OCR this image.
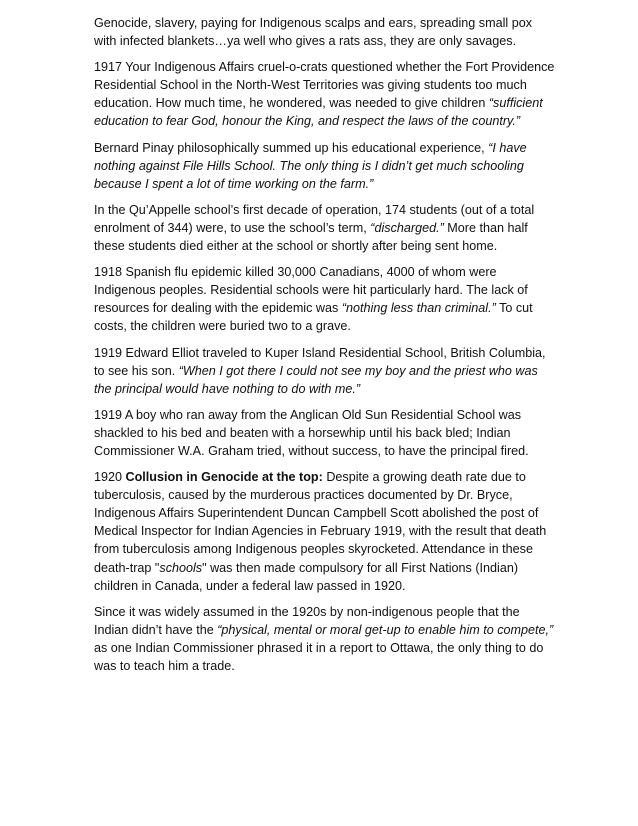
Genocide, slavery, paying for Indigenous scalps and ears, spreading small pox with infected blankets…ya well who gives a rats ass, they are only savages.

1917 Your Indigenous Affairs cruel-o-crats questioned whether the Fort Providence Residential School in the North-West Territories was giving students too much education. How much time, he wondered, was needed to give children “sufficient education to fear God, honour the King, and respect the laws of the country.”

Bernard Pinay philosophically summed up his educational experience, “I have nothing against File Hills School. The only thing is I didn’t get much schooling because I spent a lot of time working on the farm.”

In the Qu’Appelle school’s first decade of operation, 174 students (out of a total enrolment of 344) were, to use the school’s term, “discharged.” More than half these students died either at the school or shortly after being sent home.

1918 Spanish flu epidemic killed 30,000 Canadians, 4000 of whom were Indigenous peoples. Residential schools were hit particularly hard. The lack of resources for dealing with the epidemic was “nothing less than criminal.” To cut costs, the children were buried two to a grave.

1919 Edward Elliot traveled to Kuper Island Residential School, British Columbia, to see his son. “When I got there I could not see my boy and the priest who was the principal would have nothing to do with me.”

1919 A boy who ran away from the Anglican Old Sun Residential School was shackled to his bed and beaten with a horsewhip until his back bled; Indian Commissioner W.A. Graham tried, without success, to have the principal fired.

1920 Collusion in Genocide at the top: Despite a growing death rate due to tuberculosis, caused by the murderous practices documented by Dr. Bryce, Indigenous Affairs Superintendent Duncan Campbell Scott abolished the post of Medical Inspector for Indian Agencies in February 1919, with the result that death from tuberculosis among Indigenous peoples skyrocketed. Attendance in these death-trap "schools" was then made compulsory for all First Nations (Indian) children in Canada, under a federal law passed in 1920.

Since it was widely assumed in the 1920s by non-indigenous people that the Indian didn’t have the “physical, mental or moral get-up to enable him to compete,” as one Indian Commissioner phrased it in a report to Ottawa, the only thing to do was to teach him a trade.
